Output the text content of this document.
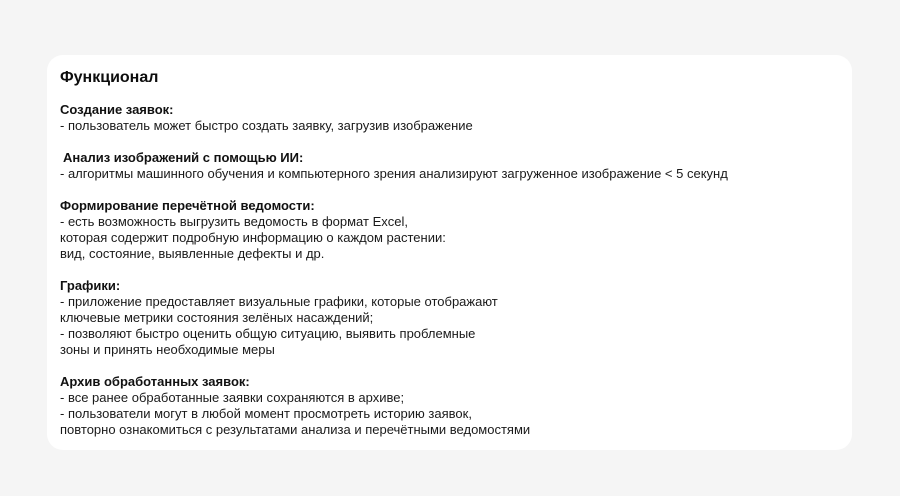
Функционал

Создание заявок:

- пользователь может быстро создать заявку, загрузив изображение

Анализ изображений с помощью ИИ:

- алгоритмы машинного обучения и компьютерного зрения анализируют загруженное изображение < 5 секунд

Формирование перечётной ведомости:

- есть возможность выгрузить ведомость в формат Excel,

которая содержит подробную информацию о каждом растении:

вид, состояние, выявленные дефекты и др.

Графики:

- приложение предоставляет визуальные графики, которые отображают

ключевые метрики состояния зелёных насаждений;

- позволяют быстро оценить общую ситуацию, выявить проблемные

зоны и принять необходимые меры

Архив обработанных заявок:

- все ранее обработанные заявки сохраняются в архиве;

- пользователи могут в любой момент просмотреть историю заявок,

повторно ознакомиться с результатами анализа и перечётными ведомостями
